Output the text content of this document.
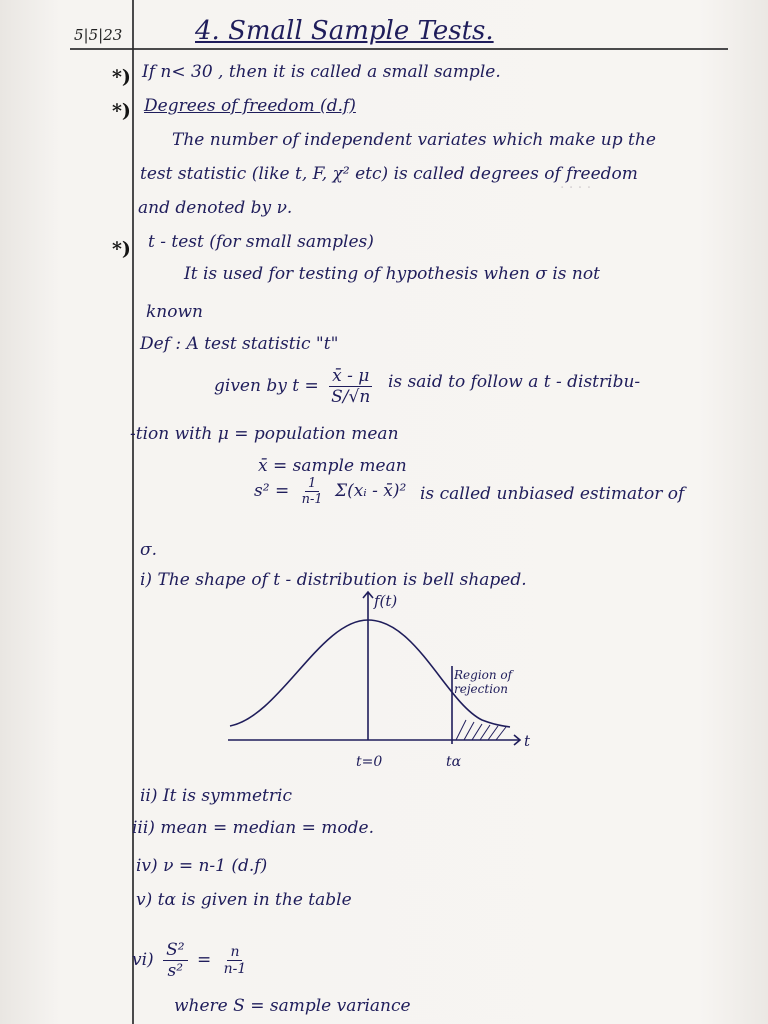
· · · ·
5|5|23	4. Small Sample Tests.
*) If n< 30 , then it is called a small sample.
*) Degrees of freedom (d.f)
The number of independent variates which make up the
test statistic (like t, F, χ² etc) is called degrees of freedom
and denoted by ν.
*) t - test (for small samples)
It is used for testing of hypothesis when σ is not
known
Def : A test statistic "t"
given by $t = \frac{x̄ - \mu}{S/√n}$ is said to follow a t - distribu-
-tion with μ = population mean
x̄ = sample mean
$s^2 = \frac{1}{n-1}$ Σ(xᵢ - x̄)² is called unbiased estimator of
σ.
i) The shape of t - distribution is bell shaped.
f(t)
t
t=0	tα
Region of rejection
ii) It is symmetric
iii) mean = median = mode.
iv) ν = n-1 (d.f)
v) tα is given in the table
$vi) \frac{\text{S²}}{\text{s²}} = \frac{n}{n-1}$
where S = sample variance
